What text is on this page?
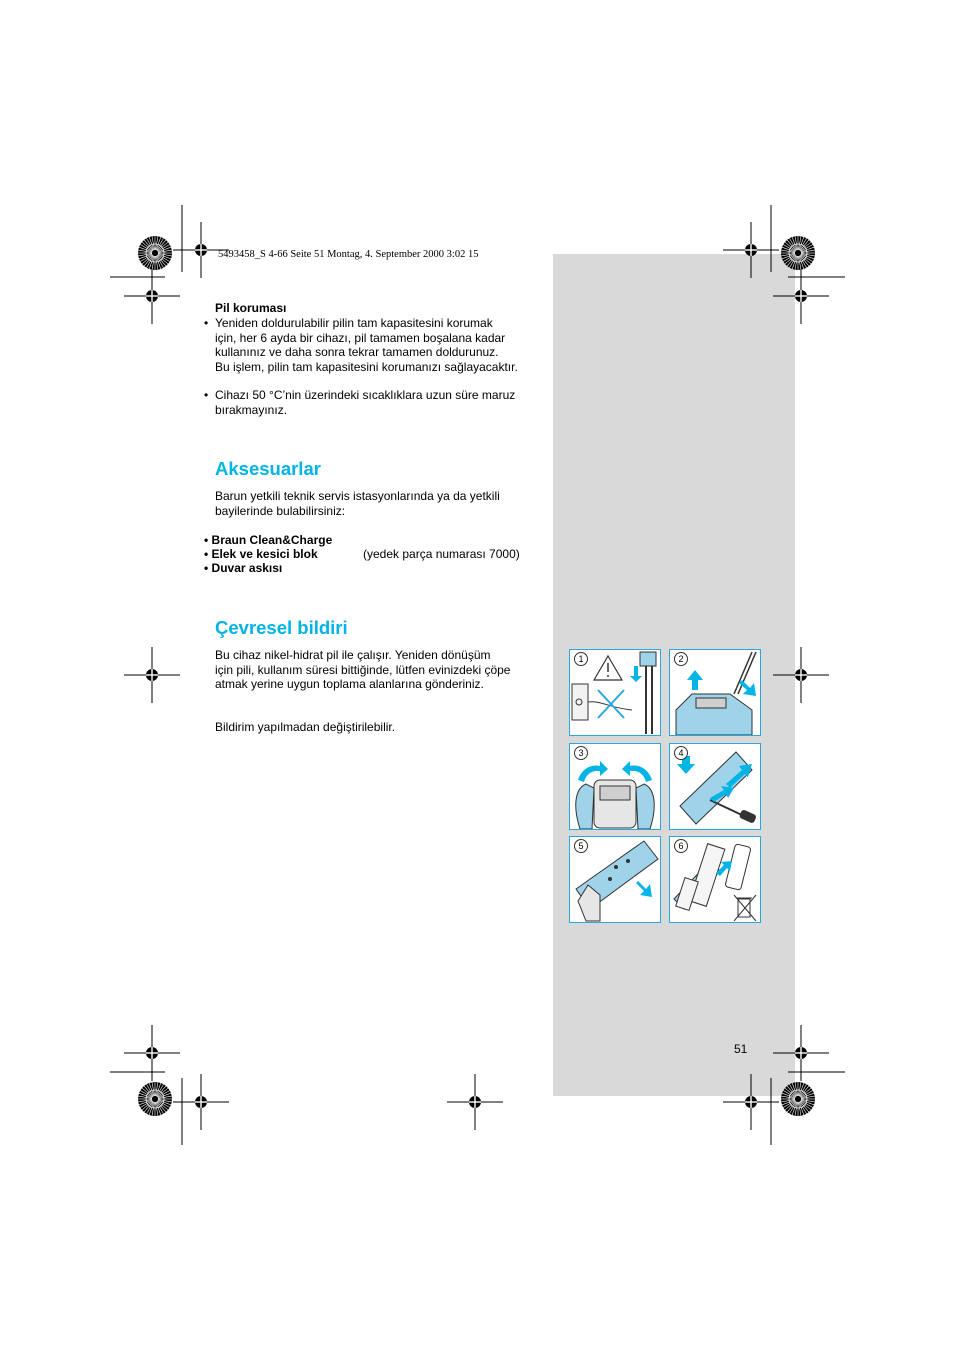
5493458_S 4-66 Seite 51 Montag, 4. September 2000 3:02 15
Pil koruması
• Yeniden doldurulabilir pilin tam kapasitesini korumak
için, her 6 ayda bir cihazı, pil tamamen boşalana kadar
kullanınız ve daha sonra tekrar tamamen doldurunuz.
Bu işlem, pilin tam kapasitesini korumanızı sağlayacaktır.
• Cihazı 50 °C’nin üzerindeki sıcaklıklara uzun süre maruz
bırakmayınız.
Aksesuarlar
Barun yetkili teknik servis istasyonlarında ya da yetkili
bayilerinde bulabilirsiniz:
• Braun Clean&Charge
• Elek ve kesici blok	(yedek parça numarası 7000)
• Duvar askısı
Çevresel bildiri
Bu cihaz nikel-hidrat pil ile çalışır. Yeniden dönüşüm
için pili, kullanım süresi bittiğinde, lütfen evinizdeki çöpe
atmak yerine uygun toplama alanlarına gönderiniz.
Bildirim yapılmadan değiştirilebilir.
1	2
3	4
5	6
51
